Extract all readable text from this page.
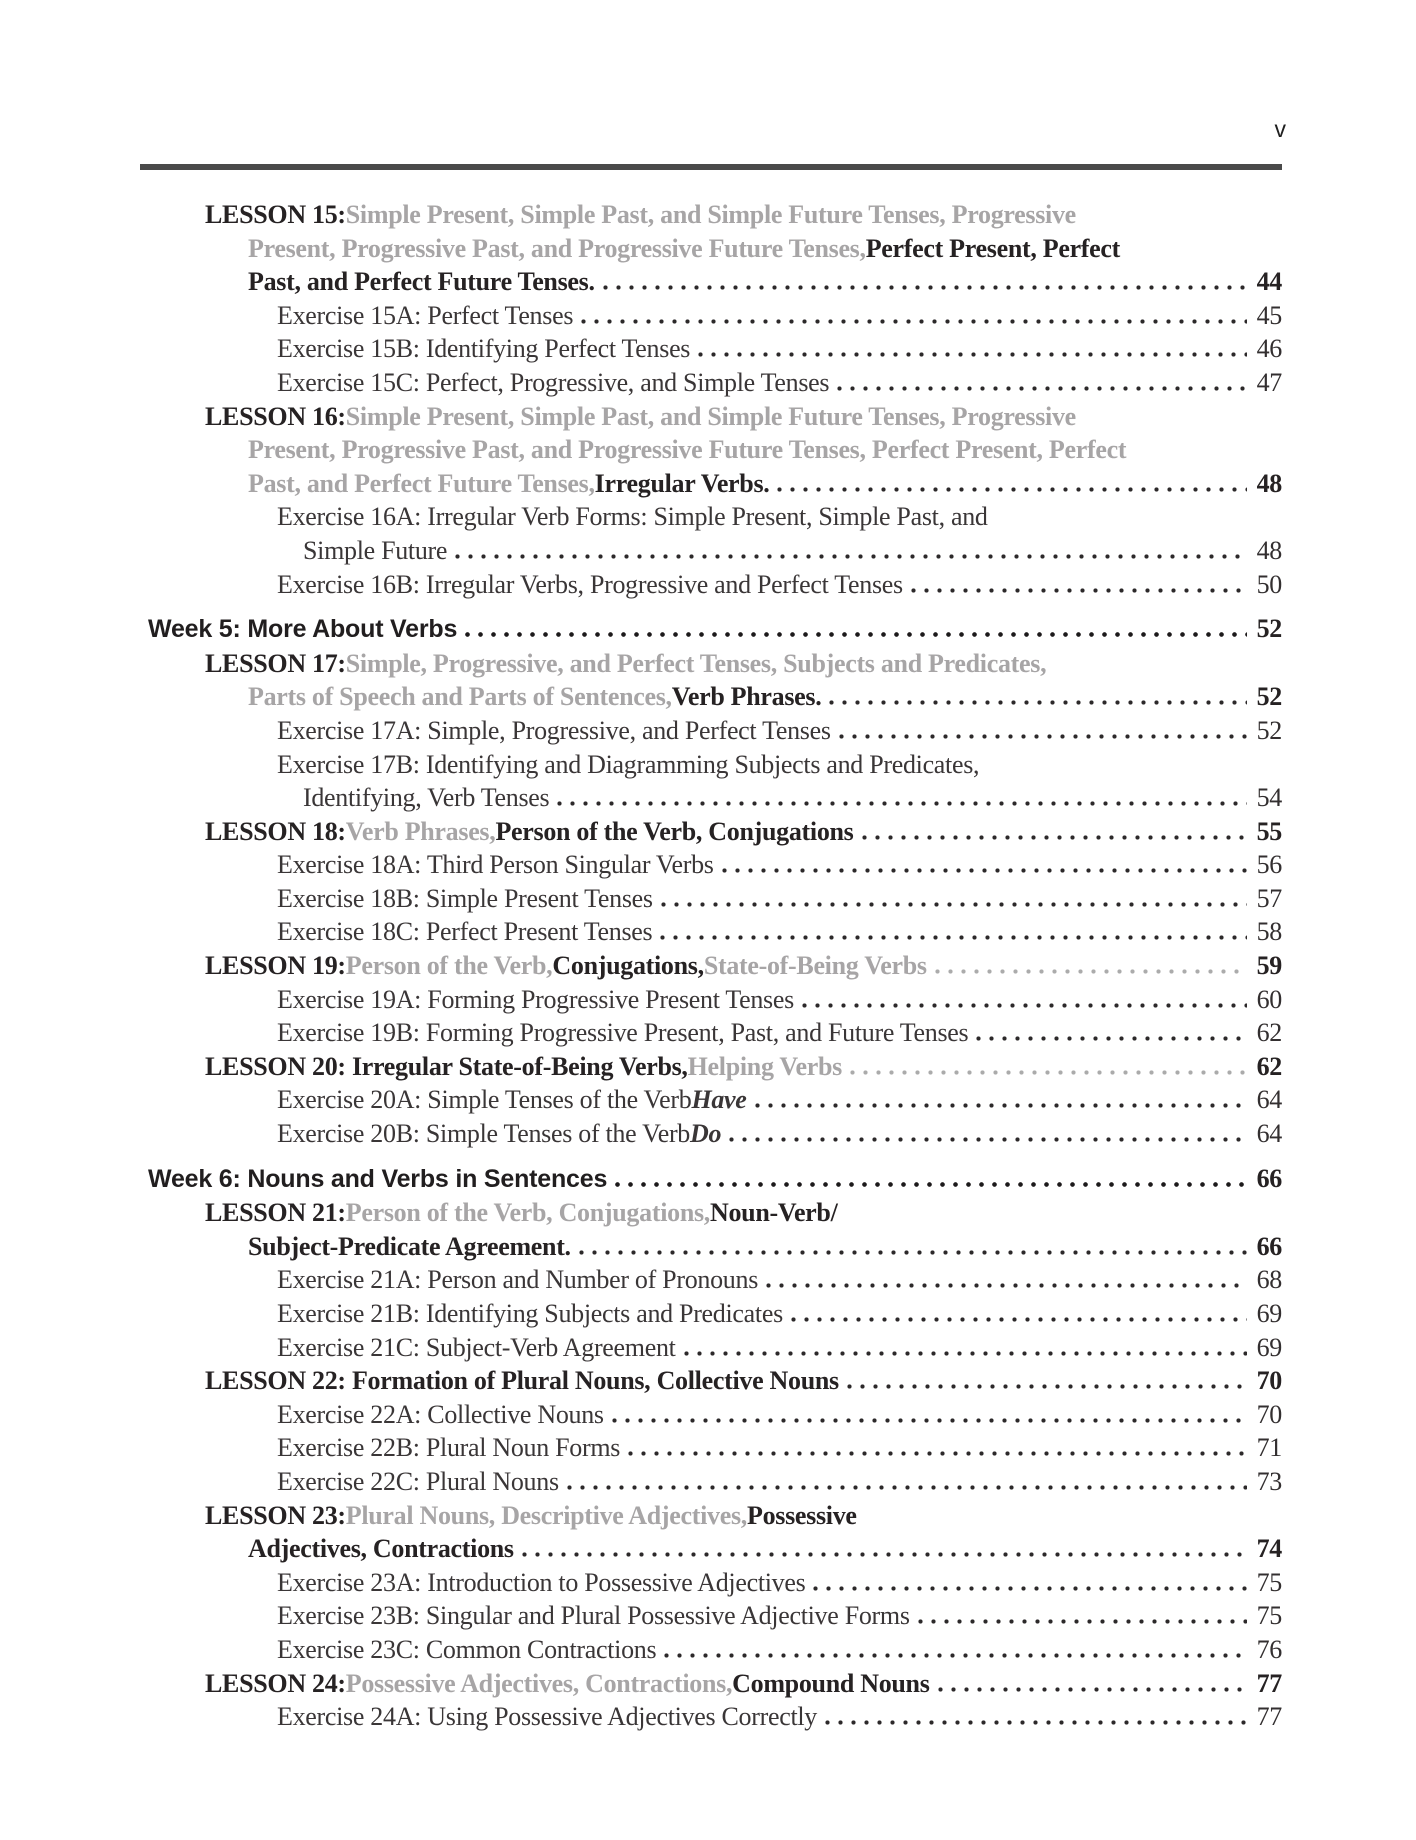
v
LESSON 15: Simple Present, Simple Past, and Simple Future Tenses, Progressive
Present, Progressive Past, and Progressive Future Tenses, Perfect Present, Perfect
Past, and Perfect Future Tenses.	44
Exercise 15A: Perfect Tenses	45
Exercise 15B: Identifying Perfect Tenses	46
Exercise 15C: Perfect, Progressive, and Simple Tenses	47
LESSON 16: Simple Present, Simple Past, and Simple Future Tenses, Progressive
Present, Progressive Past, and Progressive Future Tenses, Perfect Present, Perfect
Past, and Perfect Future Tenses, Irregular Verbs.	48
Exercise 16A: Irregular Verb Forms: Simple Present, Simple Past, and
Simple Future	48
Exercise 16B: Irregular Verbs, Progressive and Perfect Tenses	50
Week 5: More About Verbs	52
LESSON 17: Simple, Progressive, and Perfect Tenses, Subjects and Predicates,
Parts of Speech and Parts of Sentences, Verb Phrases.	52
Exercise 17A: Simple, Progressive, and Perfect Tenses	52
Exercise 17B: Identifying and Diagramming Subjects and Predicates,
Identifying, Verb Tenses	54
LESSON 18: Verb Phrases, Person of the Verb, Conjugations	55
Exercise 18A: Third Person Singular Verbs	56
Exercise 18B: Simple Present Tenses	57
Exercise 18C: Perfect Present Tenses	58
LESSON 19: Person of the Verb, Conjugations, State-of-Being Verbs	59
Exercise 19A: Forming Progressive Present Tenses	60
Exercise 19B: Forming Progressive Present, Past, and Future Tenses	62
LESSON 20: Irregular State-of-Being Verbs, Helping Verbs	62
Exercise 20A: Simple Tenses of the Verb Have	64
Exercise 20B: Simple Tenses of the Verb Do	64
Week 6: Nouns and Verbs in Sentences	66
LESSON 21: Person of the Verb, Conjugations, Noun-Verb/
Subject-Predicate Agreement.	66
Exercise 21A: Person and Number of Pronouns	68
Exercise 21B: Identifying Subjects and Predicates	69
Exercise 21C: Subject-Verb Agreement	69
LESSON 22: Formation of Plural Nouns, Collective Nouns	70
Exercise 22A: Collective Nouns	70
Exercise 22B: Plural Noun Forms	71
Exercise 22C: Plural Nouns	73
LESSON 23: Plural Nouns, Descriptive Adjectives, Possessive
Adjectives, Contractions	74
Exercise 23A: Introduction to Possessive Adjectives	75
Exercise 23B: Singular and Plural Possessive Adjective Forms	75
Exercise 23C: Common Contractions	76
LESSON 24: Possessive Adjectives, Contractions, Compound Nouns	77
Exercise 24A: Using Possessive Adjectives Correctly	77
